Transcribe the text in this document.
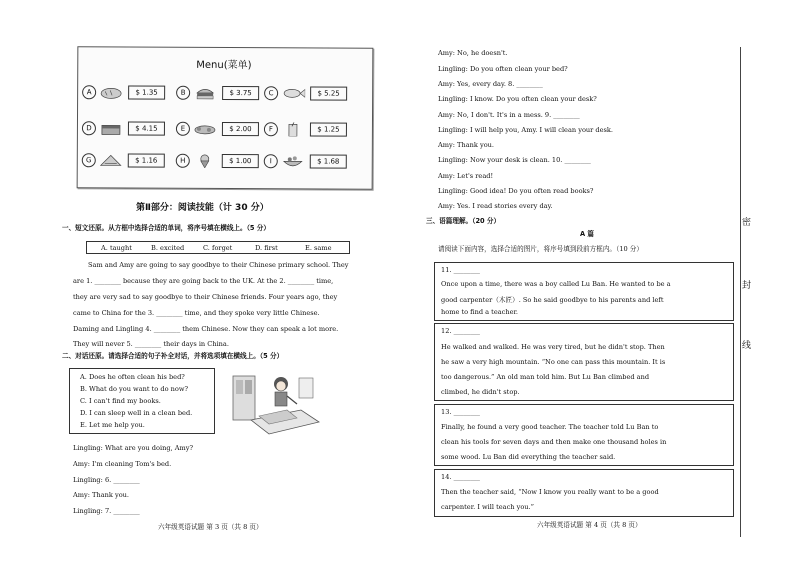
Menu(菜单)
A	$ 1.35	B	$ 3.75	C	$ 5.25
D	$ 4.15	E	$ 2.00	F	$ 1.25
G	$ 1.16	H	$ 1.00	I	$ 1.68
第Ⅱ部分：阅读技能（计 30 分）
一、短文还原。从方框中选择合适的单词，将序号填在横线上。（5 分）
A. taught	B. excited	C. forget	D. first	E. same
Sam and Amy are going to say goodbye to their Chinese primary school. They
are 1. ________ because they are going back to the UK. At the 2. ________ time,
they are very sad to say goodbye to their Chinese friends. Four years ago, they
came to China for the 3. ________ time, and they spoke very little Chinese.
Daming and Lingling 4. ________ them Chinese. Now they can speak a lot more.
They will never 5. ________ their days in China.
二、对话还原。请选择合适的句子补全对话，并将选项填在横线上。（5 分）
A. Does he often clean his bed?
B. What do you want to do now?
C. I can't find my books.
D. I can sleep well in a clean bed.
E. Let me help you.
Lingling: What are you doing, Amy?
Amy: I'm cleaning Tom's bed.
Lingling: 6. ________
Amy: Thank you.
Lingling: 7. ________
六年级英语试题 第 3 页（共 8 页）
Amy: No, he doesn't.
Lingling: Do you often clean your bed?
Amy: Yes, every day. 8. ________
Lingling: I know. Do you often clean your desk?
Amy: No, I don't. It's in a mess. 9. ________
Lingling: I will help you, Amy. I will clean your desk.
Amy: Thank you.
Lingling: Now your desk is clean. 10. ________
Amy: Let's read!
Lingling: Good idea! Do you often read books?
Amy: Yes. I read stories every day.
三、语篇理解。（20 分）
A 篇
请阅读下面内容，选择合适的图片，将序号填到段前方框内。（10 分）
11. ________
Once upon a time, there was a boy called Lu Ban. He wanted to be a
good carpenter（木匠）. So he said goodbye to his parents and left
home to find a teacher.
12. ________
He walked and walked. He was very tired, but he didn't stop. Then
he saw a very high mountain. “No one can pass this mountain. It is
too dangerous.” An old man told him. But Lu Ban climbed and
climbed, he didn't stop.
13. ________
Finally, he found a very good teacher. The teacher told Lu Ban to
clean his tools for seven days and then make one thousand holes in
some wood. Lu Ban did everything the teacher said.
14. ________
Then the teacher said, “Now I know you really want to be a good
carpenter. I will teach you.”
六年级英语试题 第 4 页（共 8 页）
密
封
线
